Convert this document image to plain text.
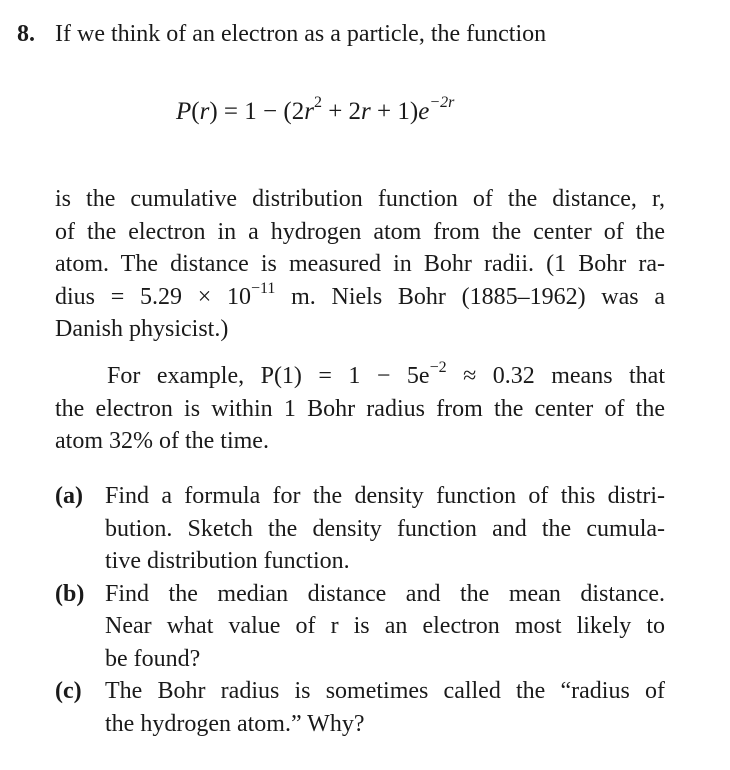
8. If we think of an electron as a particle, the function
$P(r) = 1 - (2r^2 + 2r + 1)e^{-2r}$
is the cumulative distribution function of the distance, r,
of the electron in a hydrogen atom from the center of the
atom. The distance is measured in Bohr radii. (1 Bohr ra-
dius = $5.29 \times 10^{-11}$ m. Niels Bohr (1885–1962) was a
Danish physicist.)
For example, $P(1) = 1 - 5e^{-2} \approx 0.32$ means that
the electron is within 1 Bohr radius from the center of the
atom 32% of the time.
(a) Find a formula for the density function of this distri-
bution. Sketch the density function and the cumula-
tive distribution function.
(b) Find the median distance and the mean distance.
Near what value of r is an electron most likely to
be found?
(c) The Bohr radius is sometimes called the “radius of
the hydrogen atom.” Why?
